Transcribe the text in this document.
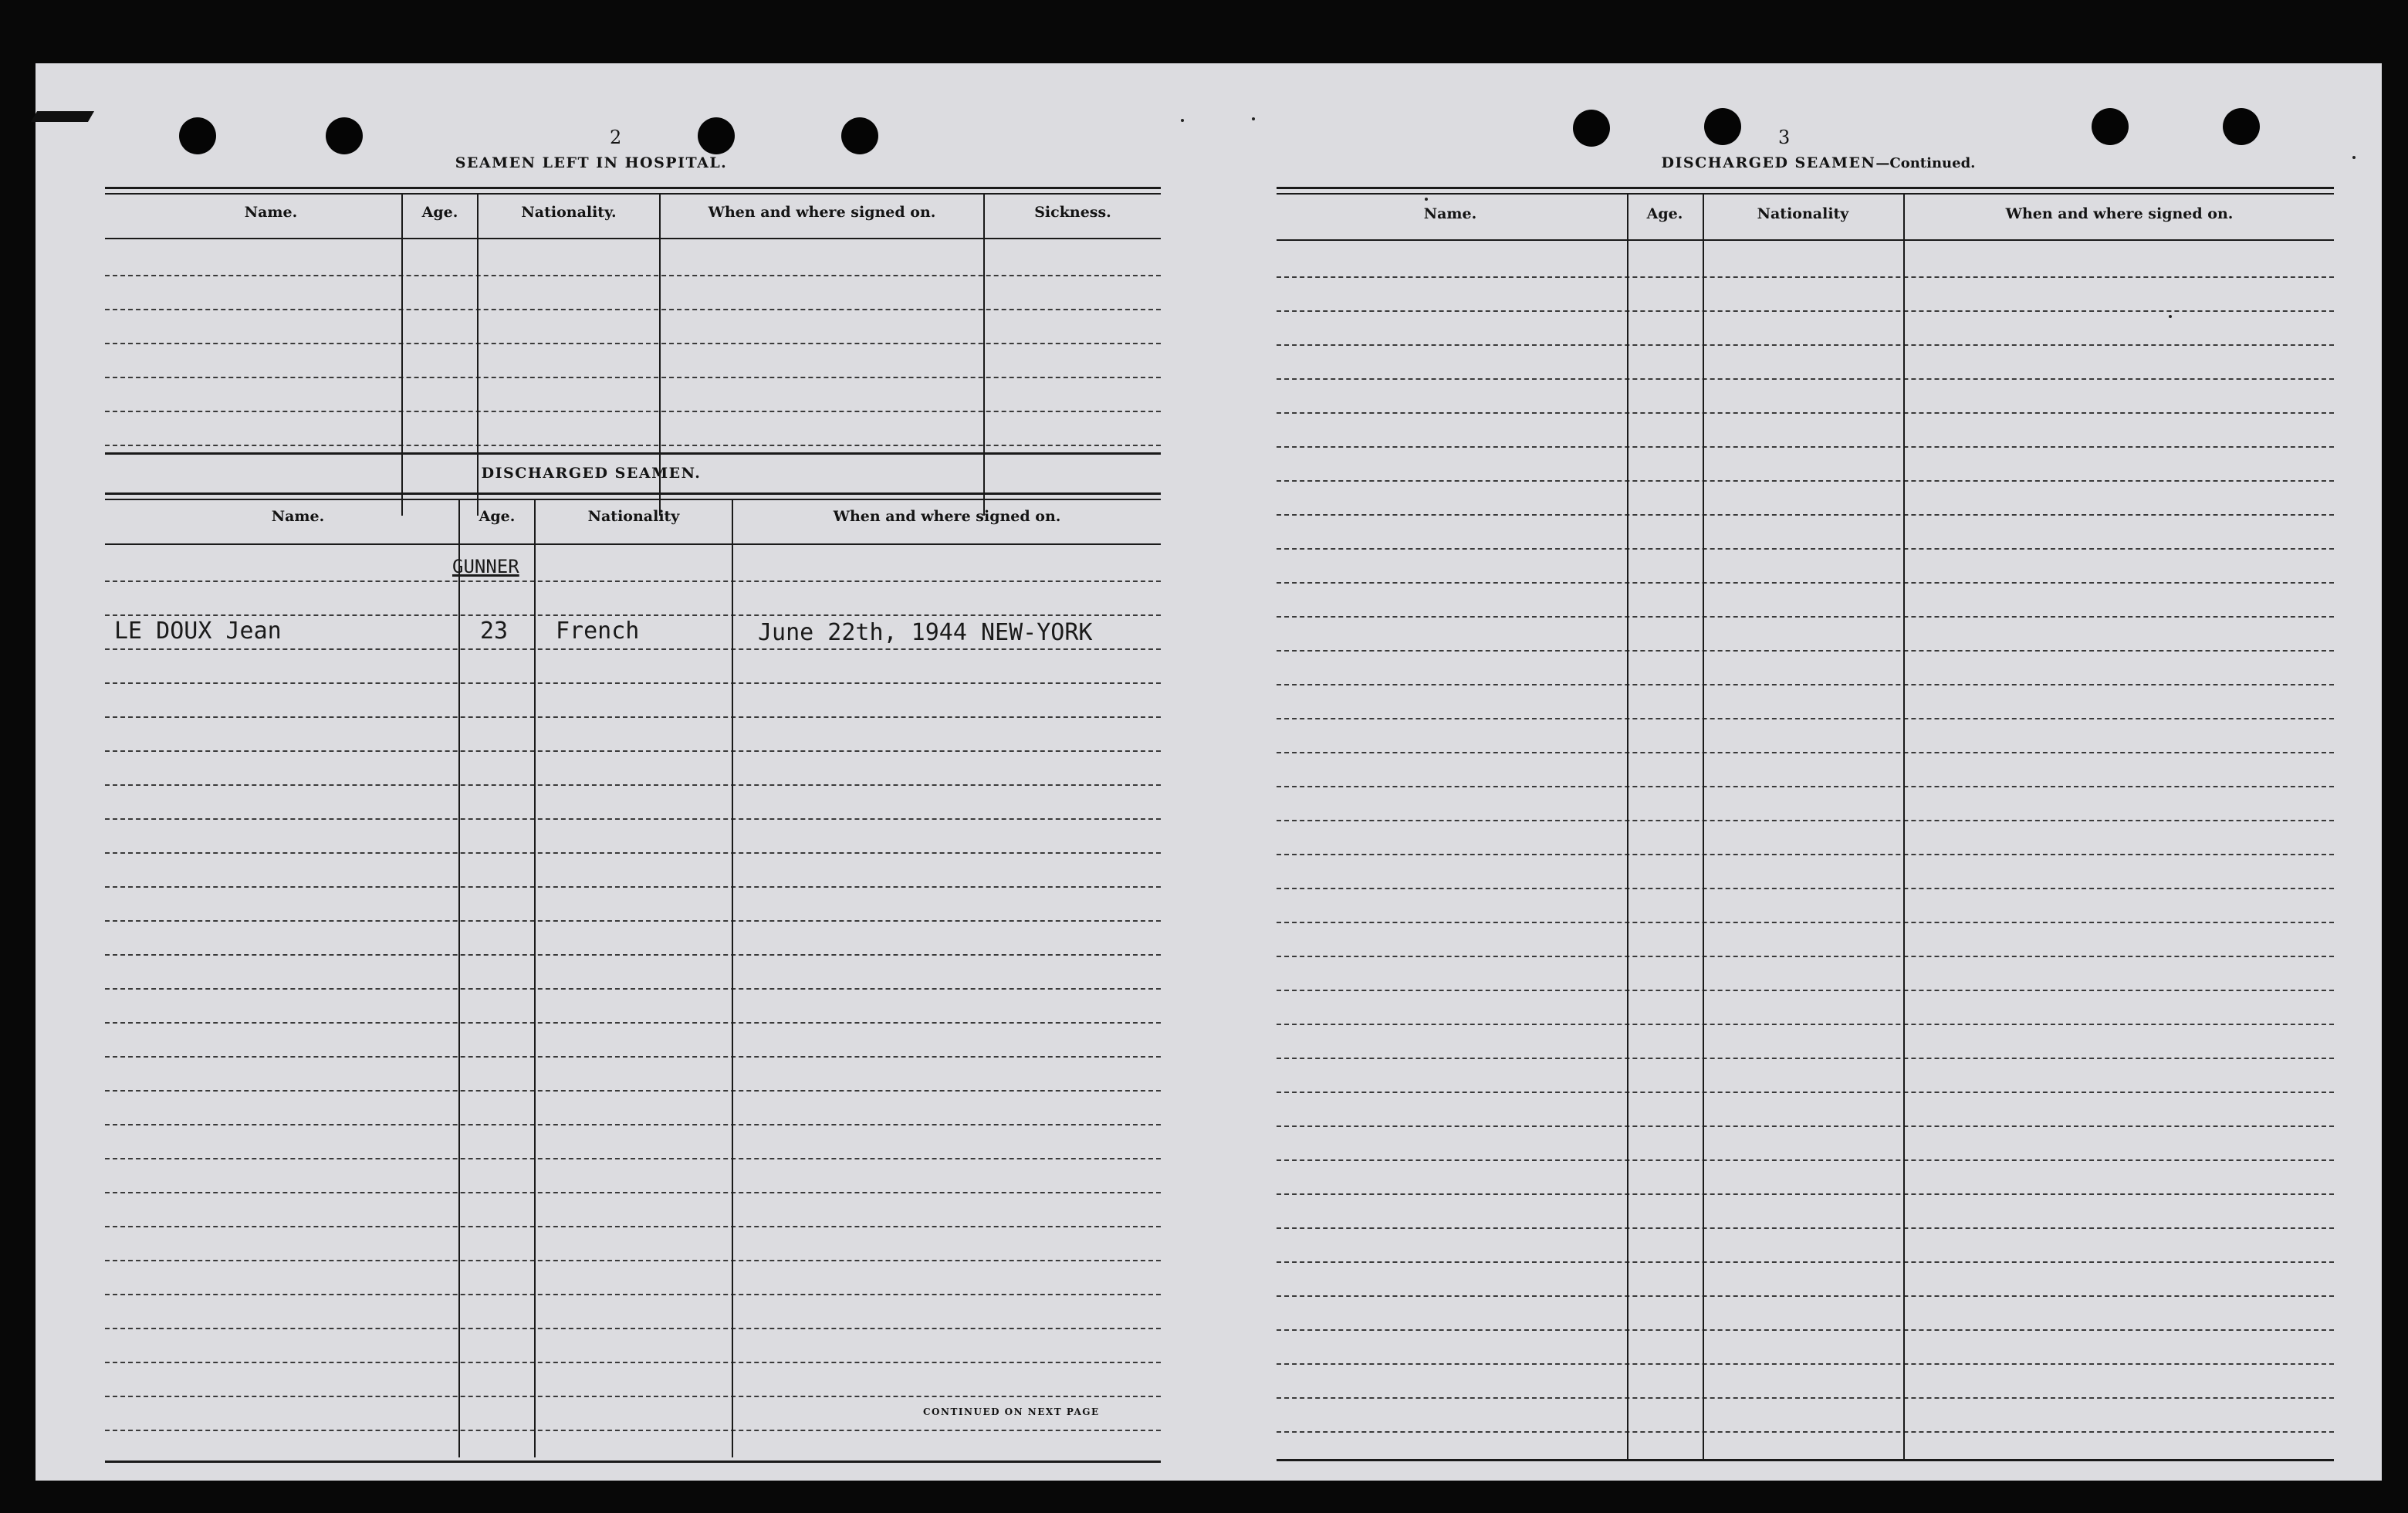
2
SEAMEN LEFT IN HOSPITAL.
Name.	Age.	Nationality.	When and where signed on.	Sickness.
DISCHARGED SEAMEN.
Name.	Age.	Nationality	When and where signed on.
GUNNER
LE DOUX Jean	23 French	June 22th, 1944 NEW-YORK
CONTINUED ON NEXT PAGE
3
DISCHARGED SEAMEN—Continued.
Name.	Age.	Nationality	When and where signed on.
